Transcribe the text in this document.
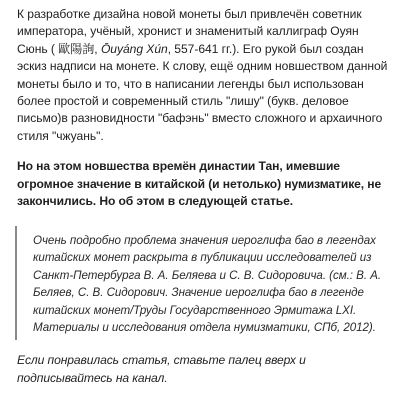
К разработке дизайна новой монеты был привлечён советник императора, учёный, хронист и знаменитый каллиграф Оуян Сюнь ( 歐陽詢, Ōuyáng Xún, 557-641 гг.). Его рукой был создан эскиз надписи на монете. К слову, ещё одним новшеством данной монеты было и то, что в написании легенды был использован более простой и современный стиль "лишу" (букв. деловое письмо)в разновидности "бафэнь" вместо сложного и архаичного стиля "чжуань".

Но на этом новшества времён династии Тан, имевшие огромное значение в китайской (и нетолько) нумизматике, не закончились. Но об этом в следующей статье.

Очень подробно проблема значения иероглифа бао в легендах китайских монет раскрыта в публикации исследователей из Санкт-Петербурга В. А. Беляева и С. В. Сидоровича. (см.: В. А. Беляев, С. В. Сидорович. Значение иероглифа бао в легенде китайских монет/Труды Государственного Эрмитажа LXI. Материалы и исследования отдела нумизматики, СПб, 2012).

Если понравилась статья, ставьте палец вверх и подписывайтесь на канал.
